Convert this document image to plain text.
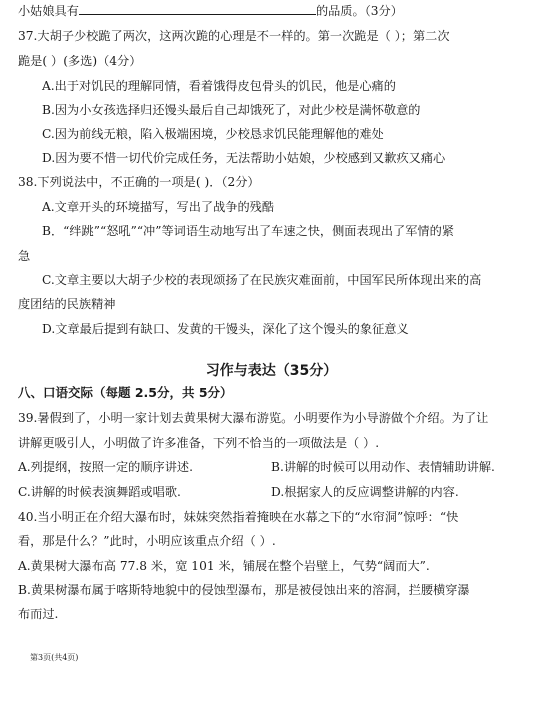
小姑娘具有	的品质。（3分）
37.大胡子少校跪了两次，这两次跪的心理是不一样的。第一次跪是（ ）；第二次
跪是( ）(多选)（4分）
A.出于对饥民的理解同情，看着饿得皮包骨头的饥民，他是心痛的
B.因为小女孩选择归还馒头最后自己却饿死了，对此少校是满怀敬意的
C.因为前线无粮，陷入极端困境，少校恳求饥民能理解他的难处
D.因为要不惜一切代价完成任务，无法帮助小姑娘，少校感到又歉疚又痛心
38.下列说法中，不正确的一项是( )．（2分）
A.文章开头的环境描写，写出了战争的残酷
B．“绊跳”“怒吼”“冲”等词语生动地写出了车速之快，侧面表现出了军情的紧
急
C.文章主要以大胡子少校的表现颂扬了在民族灾难面前，中国军民所体现出来的高
度团结的民族精神
D.文章最后提到有缺口、发黄的干馒头，深化了这个馒头的象征意义
习作与表达（35分）
八、口语交际（每题 2.5分，共 5分）
39.暑假到了，小明一家计划去黄果树大瀑布游览。小明要作为小导游做个介绍。为了让
讲解更吸引人，小明做了许多准备，下列不恰当的一项做法是（ ）.
A.列提纲，按照一定的顺序讲述.	B.讲解的时候可以用动作、表情辅助讲解.
C.讲解的时候表演舞蹈或唱歌.	D.根据家人的反应调整讲解的内容.
40.当小明正在介绍大瀑布时，妹妹突然指着掩映在水幕之下的“水帘洞”惊呼：“快
看，那是什么？”此时，小明应该重点介绍（ ）.
A.黄果树大瀑布高 77.8 米，宽 101 米，铺展在整个岩壁上，气势“阔而大”.
B.黄果树瀑布属于喀斯特地貌中的侵蚀型瀑布，那是被侵蚀出来的溶洞，拦腰横穿瀑
布而过.
第3页(共4页)
